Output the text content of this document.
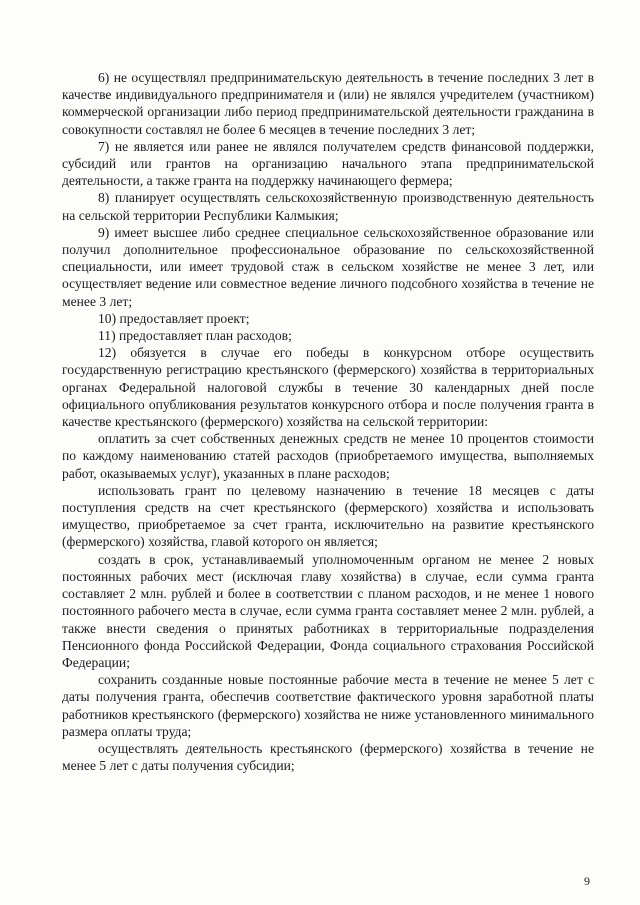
6) не осуществлял предпринимательскую деятельность в течение последних 3 лет в качестве индивидуального предпринимателя и (или) не являлся учредителем (участником) коммерческой организации либо период предпринимательской деятельности гражданина в совокупности составлял не более 6 месяцев в течение последних 3 лет;

7) не является или ранее не являлся получателем средств финансовой поддержки, субсидий или грантов на организацию начального этапа предпринимательской деятельности, а также гранта на поддержку начинающего фермера;

8) планирует осуществлять сельскохозяйственную производственную деятельность на сельской территории Республики Калмыкия;

9) имеет высшее либо среднее специальное сельскохозяйственное образование или получил дополнительное профессиональное образование по сельскохозяйственной специальности, или имеет трудовой стаж в сельском хозяйстве не менее 3 лет, или осуществляет ведение или совместное ведение личного подсобного хозяйства в течение не менее 3 лет;

10) предоставляет проект;

11) предоставляет план расходов;

12) обязуется в случае его победы в конкурсном отборе осуществить государственную регистрацию крестьянского (фермерского) хозяйства в территориальных органах Федеральной налоговой службы в течение 30 календарных дней после официального опубликования результатов конкурсного отбора и после получения гранта в качестве крестьянского (фермерского) хозяйства на сельской территории:

оплатить за счет собственных денежных средств не менее 10 процентов стоимости по каждому наименованию статей расходов (приобретаемого имущества, выполняемых работ, оказываемых услуг), указанных в плане расходов;

использовать грант по целевому назначению в течение 18 месяцев с даты поступления средств на счет крестьянского (фермерского) хозяйства и использовать имущество, приобретаемое за счет гранта, исключительно на развитие крестьянского (фермерского) хозяйства, главой которого он является;

создать в срок, устанавливаемый уполномоченным органом не менее 2 новых постоянных рабочих мест (исключая главу хозяйства) в случае, если сумма гранта составляет 2 млн. рублей и более в соответствии с планом расходов, и не менее 1 нового постоянного рабочего места в случае, если сумма гранта составляет менее 2 млн. рублей, а также внести сведения о принятых работниках в территориальные подразделения Пенсионного фонда Российской Федерации, Фонда социального страхования Российской Федерации;

сохранить созданные новые постоянные рабочие места в течение не менее 5 лет с даты получения гранта, обеспечив соответствие фактического уровня заработной платы работников крестьянского (фермерского) хозяйства не ниже установленного минимального размера оплаты труда;

осуществлять деятельность крестьянского (фермерского) хозяйства в течение не менее 5 лет с даты получения субсидии;

9
